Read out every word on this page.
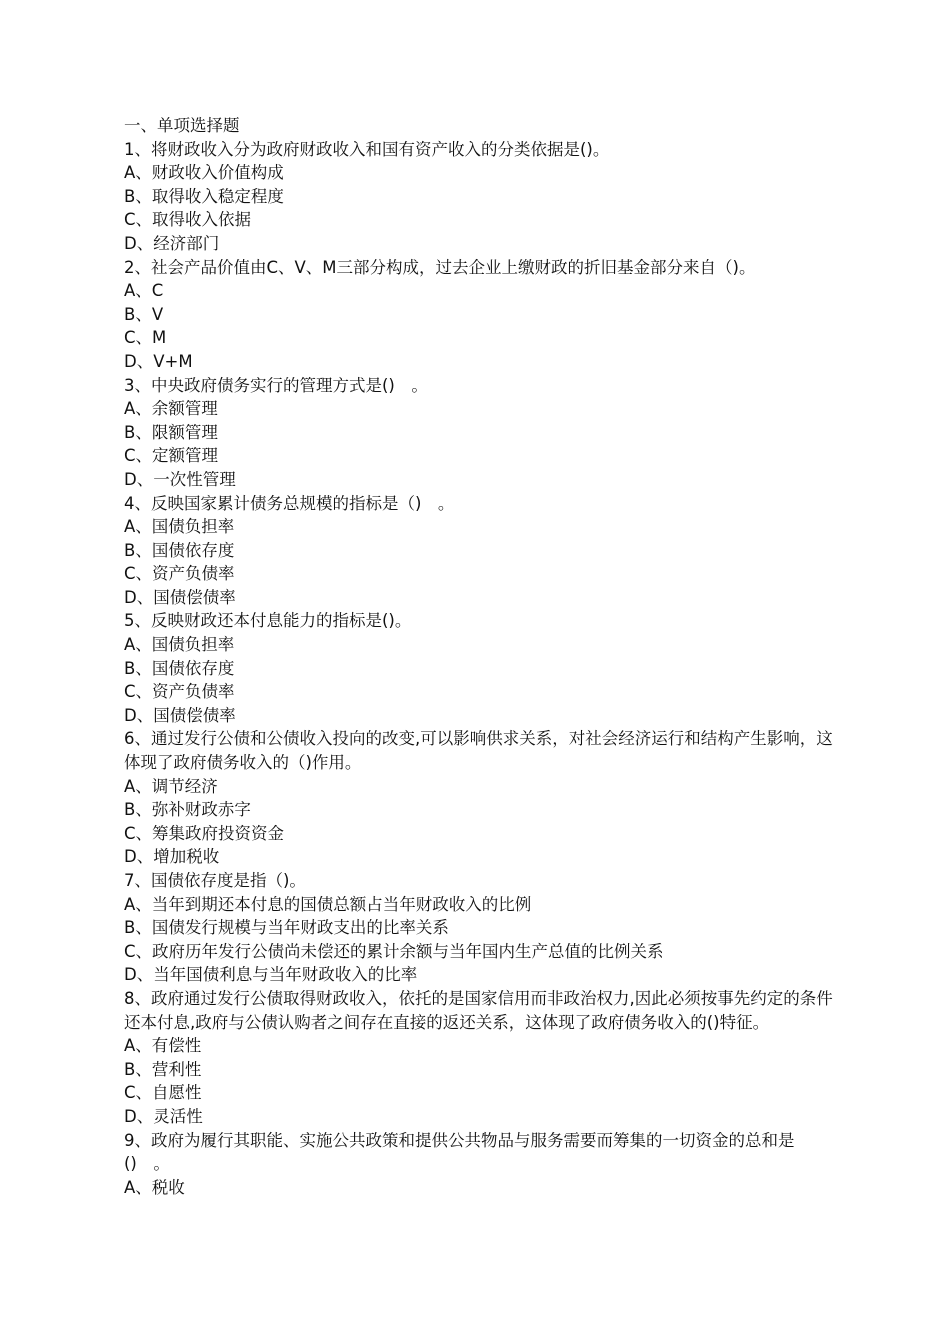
一、单项选择题
1、将财政收入分为政府财政收入和国有资产收入的分类依据是()。
A、财政收入价值构成
B、取得收入稳定程度
C、取得收入依据
D、经济部门
2、社会产品价值由C、V、M三部分构成，过去企业上缴财政的折旧基金部分来自（)。
A、C
B、V
C、M
D、V+M
3、中央政府债务实行的管理方式是()　。
A、余额管理
B、限额管理
C、定额管理
D、一次性管理
4、反映国家累计债务总规模的指标是（)　。
A、国债负担率
B、国债依存度
C、资产负债率
D、国债偿债率
5、反映财政还本付息能力的指标是()。
A、国债负担率
B、国债依存度
C、资产负债率
D、国债偿债率
6、通过发行公债和公债收入投向的改变,可以影响供求关系，对社会经济运行和结构产生影响，这体现了政府债务收入的（)作用。
A、调节经济
B、弥补财政赤字
C、筹集政府投资资金
D、增加税收
7、国债依存度是指（)。
A、当年到期还本付息的国债总额占当年财政收入的比例
B、国债发行规模与当年财政支出的比率关系
C、政府历年发行公债尚未偿还的累计余额与当年国内生产总值的比例关系
D、当年国债利息与当年财政收入的比率
8、政府通过发行公债取得财政收入，依托的是国家信用而非政治权力,因此必须按事先约定的条件还本付息,政府与公债认购者之间存在直接的返还关系，这体现了政府债务收入的()特征。
A、有偿性
B、营利性
C、自愿性
D、灵活性
9、政府为履行其职能、实施公共政策和提供公共物品与服务需要而筹集的一切资金的总和是()　。
A、税收
